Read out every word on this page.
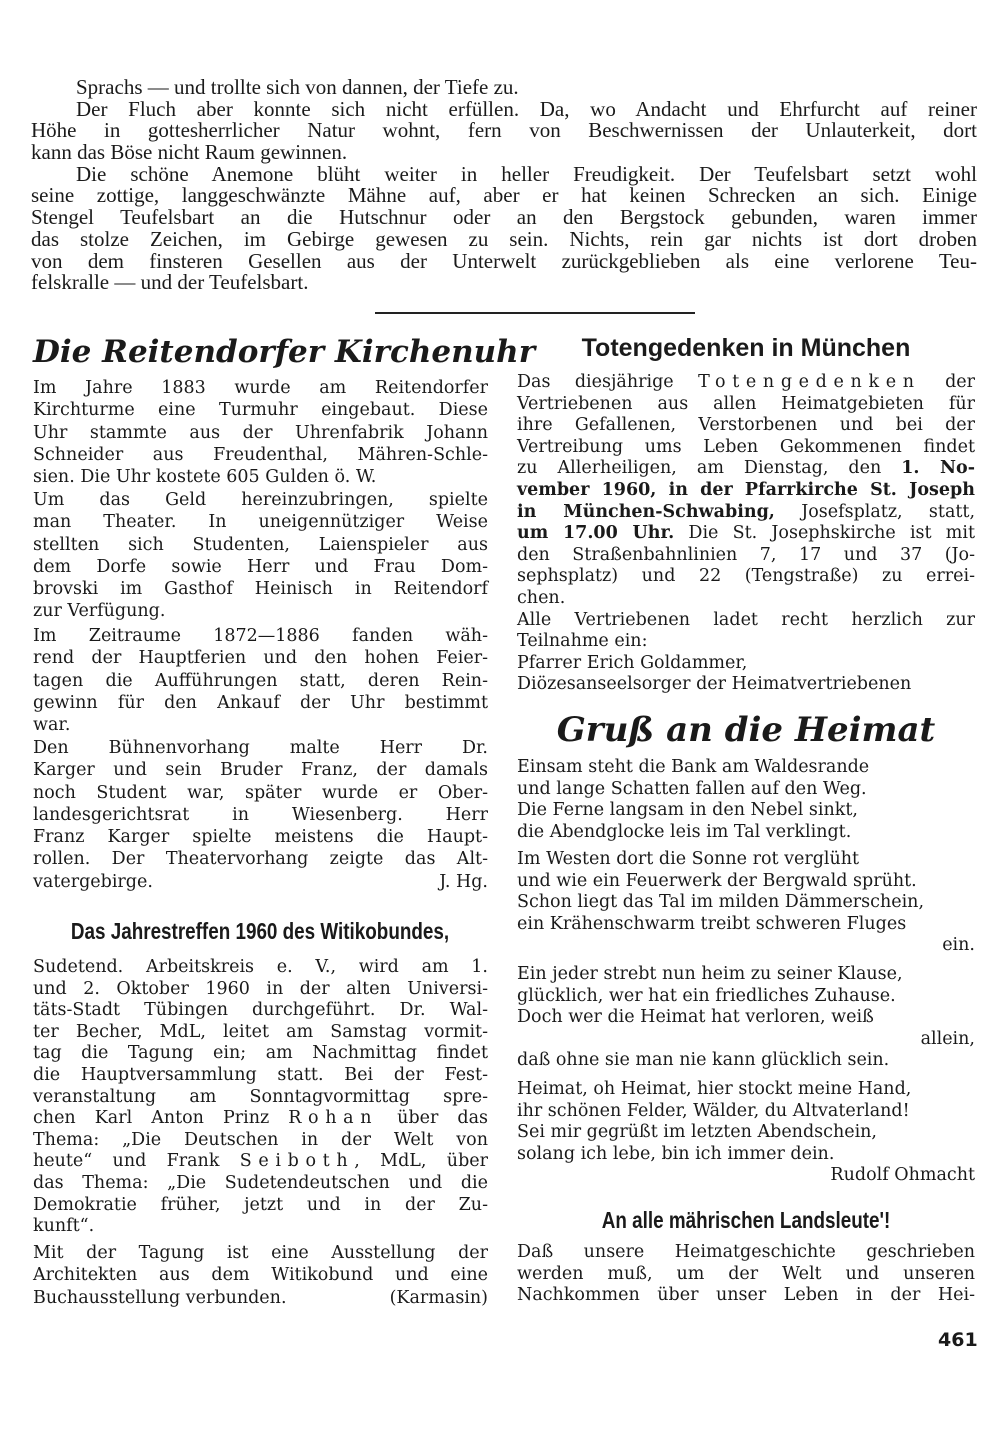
Sprachs — und trollte sich von dannen, der Tiefe zu.
Der Fluch aber konnte sich nicht erfüllen. Da, wo Andacht und Ehrfurcht auf reiner
Höhe in gottesherrlicher Natur wohnt, fern von Beschwernissen der Unlauterkeit, dort
kann das Böse nicht Raum gewinnen.
Die schöne Anemone blüht weiter in heller Freudigkeit. Der Teufelsbart setzt wohl
seine zottige, langgeschwänzte Mähne auf, aber er hat keinen Schrecken an sich. Einige
Stengel Teufelsbart an die Hutschnur oder an den Bergstock gebunden, waren immer
das stolze Zeichen, im Gebirge gewesen zu sein. Nichts, rein gar nichts ist dort droben
von dem finsteren Gesellen aus der Unterwelt zurückgeblieben als eine verlorene Teu-
felskralle — und der Teufelsbart.
Die Reitendorfer Kirchenuhr
Im Jahre 1883 wurde am Reitendorfer
Kirchturme eine Turmuhr eingebaut. Diese
Uhr stammte aus der Uhrenfabrik Johann
Schneider aus Freudenthal, Mähren-Schle-
sien. Die Uhr kostete 605 Gulden ö. W.
Um das Geld hereinzubringen, spielte
man Theater. In uneigennütziger Weise
stellten sich Studenten, Laienspieler aus
dem Dorfe sowie Herr und Frau Dom-
brovski im Gasthof Heinisch in Reitendorf
zur Verfügung.
Im Zeitraume 1872—1886 fanden wäh-
rend der Hauptferien und den hohen Feier-
tagen die Aufführungen statt, deren Rein-
gewinn für den Ankauf der Uhr bestimmt
war.
Den Bühnenvorhang malte Herr Dr.
Karger und sein Bruder Franz, der damals
noch Student war, später wurde er Ober-
landesgerichtsrat in Wiesenberg. Herr
Franz Karger spielte meistens die Haupt-
rollen. Der Theatervorhang zeigte das Alt-
vatergebirge.	J. Hg.
Das Jahrestreffen 1960 des Witikobundes,
Sudetend. Arbeitskreis e. V., wird am 1.
und 2. Oktober 1960 in der alten Universi-
täts-Stadt Tübingen durchgeführt. Dr. Wal-
ter Becher, MdL, leitet am Samstag vormit-
tag die Tagung ein; am Nachmittag findet
die Hauptversammlung statt. Bei der Fest-
veranstaltung am Sonntagvormittag spre-
chen Karl Anton Prinz Rohan über das
Thema: „Die Deutschen in der Welt von
heute“ und Frank Seiboth, MdL, über
das Thema: „Die Sudetendeutschen und die
Demokratie früher, jetzt und in der Zu-
kunft“.
Mit der Tagung ist eine Ausstellung der
Architekten aus dem Witikobund und eine
Buchausstellung verbunden.	(Karmasin)
Totengedenken in München
Das diesjährige Totengedenken der
Vertriebenen aus allen Heimatgebieten für
ihre Gefallenen, Verstorbenen und bei der
Vertreibung ums Leben Gekommenen findet
zu Allerheiligen, am Dienstag, den 1. No-
vember 1960, in der Pfarrkirche St. Joseph
in München-Schwabing, Josefsplatz, statt,
um 17.00 Uhr. Die St. Josephskirche ist mit
den Straßenbahnlinien 7, 17 und 37 (Jo-
sephsplatz) und 22 (Tengstraße) zu errei-
chen.
Alle Vertriebenen ladet recht herzlich zur
Teilnahme ein:
Pfarrer Erich Goldammer,
Diözesanseelsorger der Heimatvertriebenen
Gruß an die Heimat
Einsam steht die Bank am Waldesrande
und lange Schatten fallen auf den Weg.
Die Ferne langsam in den Nebel sinkt,
die Abendglocke leis im Tal verklingt.
Im Westen dort die Sonne rot verglüht
und wie ein Feuerwerk der Bergwald sprüht.
Schon liegt das Tal im milden Dämmerschein,
ein Krähenschwarm treibt schweren Fluges
ein.
Ein jeder strebt nun heim zu seiner Klause,
glücklich, wer hat ein friedliches Zuhause.
Doch wer die Heimat hat verloren, weiß
allein,
daß ohne sie man nie kann glücklich sein.
Heimat, oh Heimat, hier stockt meine Hand,
ihr schönen Felder, Wälder, du Altvaterland!
Sei mir gegrüßt im letzten Abendschein,
solang ich lebe, bin ich immer dein.
Rudolf Ohmacht
An alle mährischen Landsleute'!
Daß unsere Heimatgeschichte geschrieben
werden muß, um der Welt und unseren
Nachkommen über unser Leben in der Hei-
461
